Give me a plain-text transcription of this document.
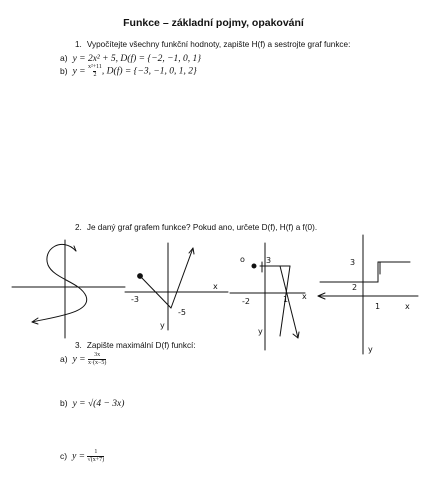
Funkce – základní pojmy, opakování
1. Vypočítejte všechny funkční hodnoty, zapište H(f) a sestrojte graf funkce:
a) y = 2x² + 5, D(f) = {−2, −1, 0, 1}
b) $y = \frac{\text{x²+11}}{2}$ , D(f) = {−3, −1, 0, 1, 2}
2. Je daný graf grafem funkce? Pokud ano, určete D(f), H(f) a f(0).
3. Zapište maximální D(f) funkcí:
a) $y = \frac{3x}{x\cdot(x-5)}$
b) y = √(4 − 3x)
c) $y = \frac{1}{√(x+7)}$
-3
-5
x
y
3
-2	1 x
y
o	3
2
1	x
y
